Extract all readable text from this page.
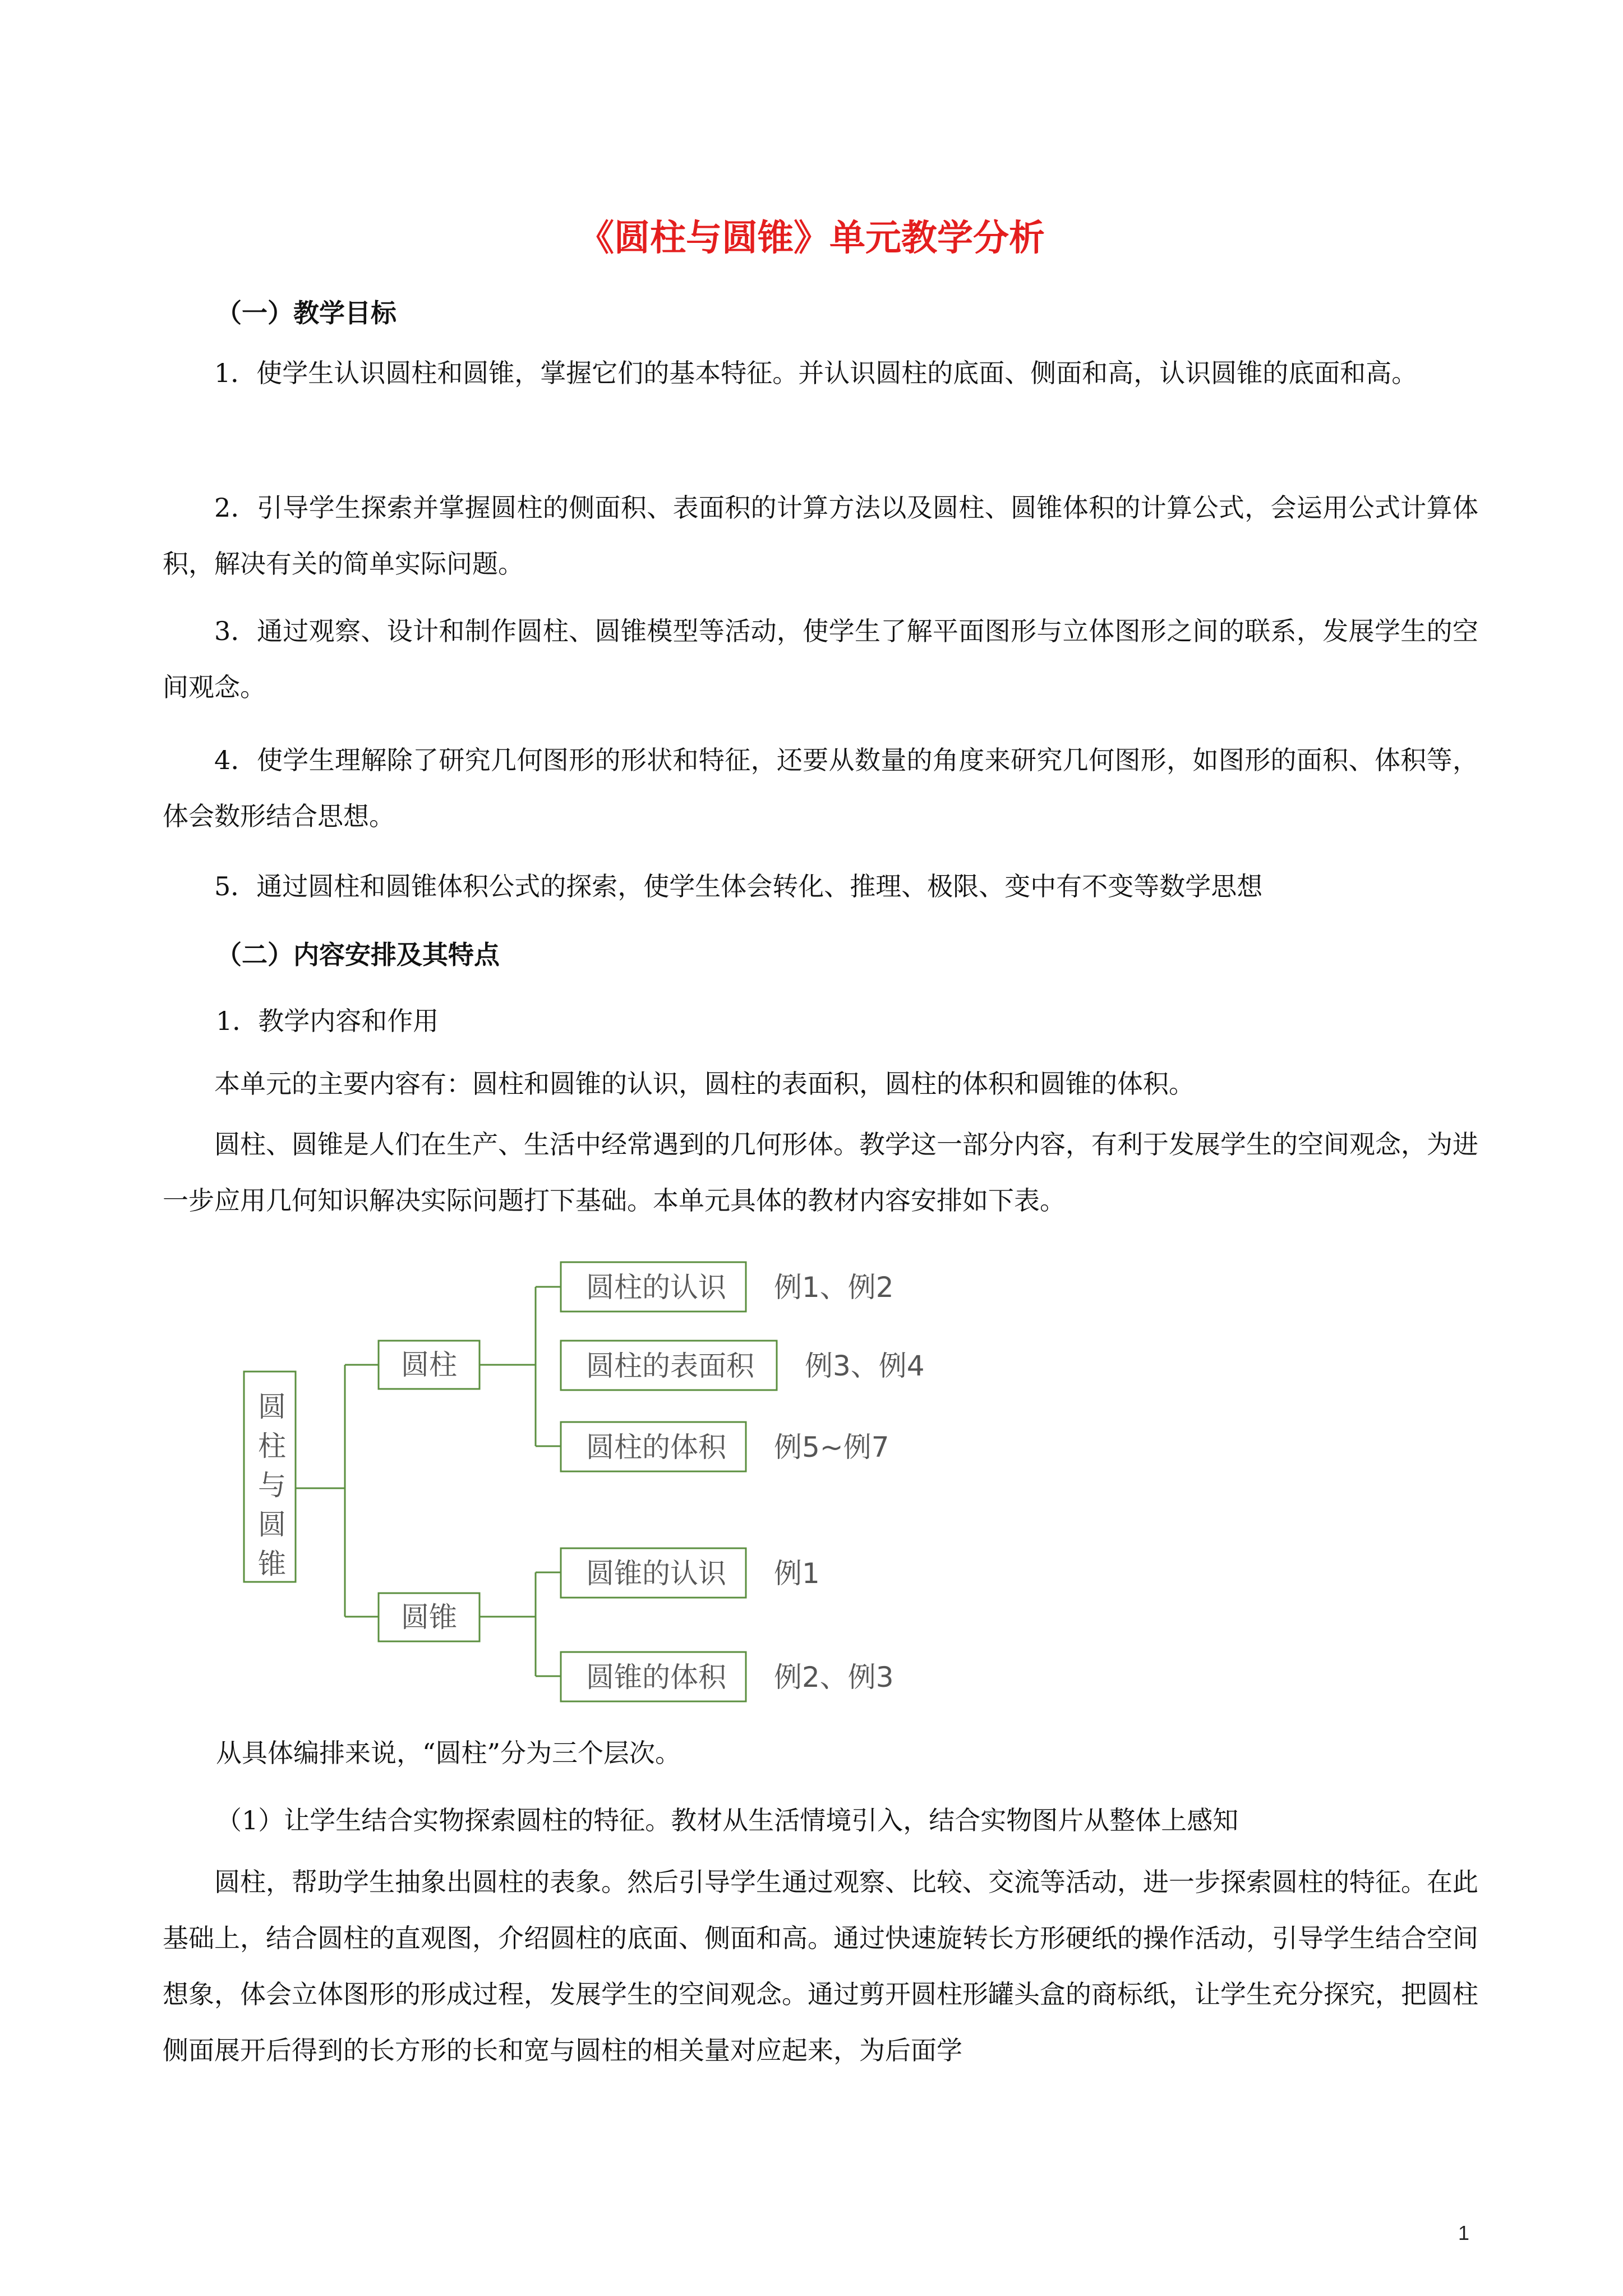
《圆柱与圆锥》单元教学分析
（一）教学目标

1．使学生认识圆柱和圆锥，掌握它们的基本特征。并认识圆柱的底面、侧面和高，认识圆锥的底面和高。

2．引导学生探索并掌握圆柱的侧面积、表面积的计算方法以及圆柱、圆锥体积的计算公式，会运用公式计算体积，解决有关的简单实际问题。

3．通过观察、设计和制作圆柱、圆锥模型等活动，使学生了解平面图形与立体图形之间的联系，发展学生的空间观念。

4．使学生理解除了研究几何图形的形状和特征，还要从数量的角度来研究几何图形，如图形的面积、体积等，体会数形结合思想。

5．通过圆柱和圆锥体积公式的探索，使学生体会转化、推理、极限、变中有不变等数学思想

（二）内容安排及其特点
1．教学内容和作用

本单元的主要内容有：圆柱和圆锥的认识，圆柱的表面积，圆柱的体积和圆锥的体积。

圆柱、圆锥是人们在生产、生活中经常遇到的几何形体。教学这一部分内容，有利于发展学生的空间观念，为进一步应用几何知识解决实际问题打下基础。本单元具体的教材内容安排如下表。

圆
柱
与
圆
锥
圆柱
圆锥
圆柱的认识 例1、例2
圆柱的表面积 例3、例4
圆柱的体积 例5~例7
圆锥的认识 例1
圆锥的体积 例2、例3
从具体编排来说，“圆柱”分为三个层次。
（1）让学生结合实物探索圆柱的特征。教材从生活情境引入，结合实物图片从整体上感知

圆柱，帮助学生抽象出圆柱的表象。然后引导学生通过观察、比较、交流等活动，进一步探索圆柱的特征。在此基础上，结合圆柱的直观图，介绍圆柱的底面、侧面和高。通过快速旋转长方形硬纸的操作活动，引导学生结合空间想象，体会立体图形的形成过程，发展学生的空间观念。通过剪开圆柱形罐头盒的商标纸，让学生充分探究，把圆柱侧面展开后得到的长方形的长和宽与圆柱的相关量对应起来，为后面学

1
